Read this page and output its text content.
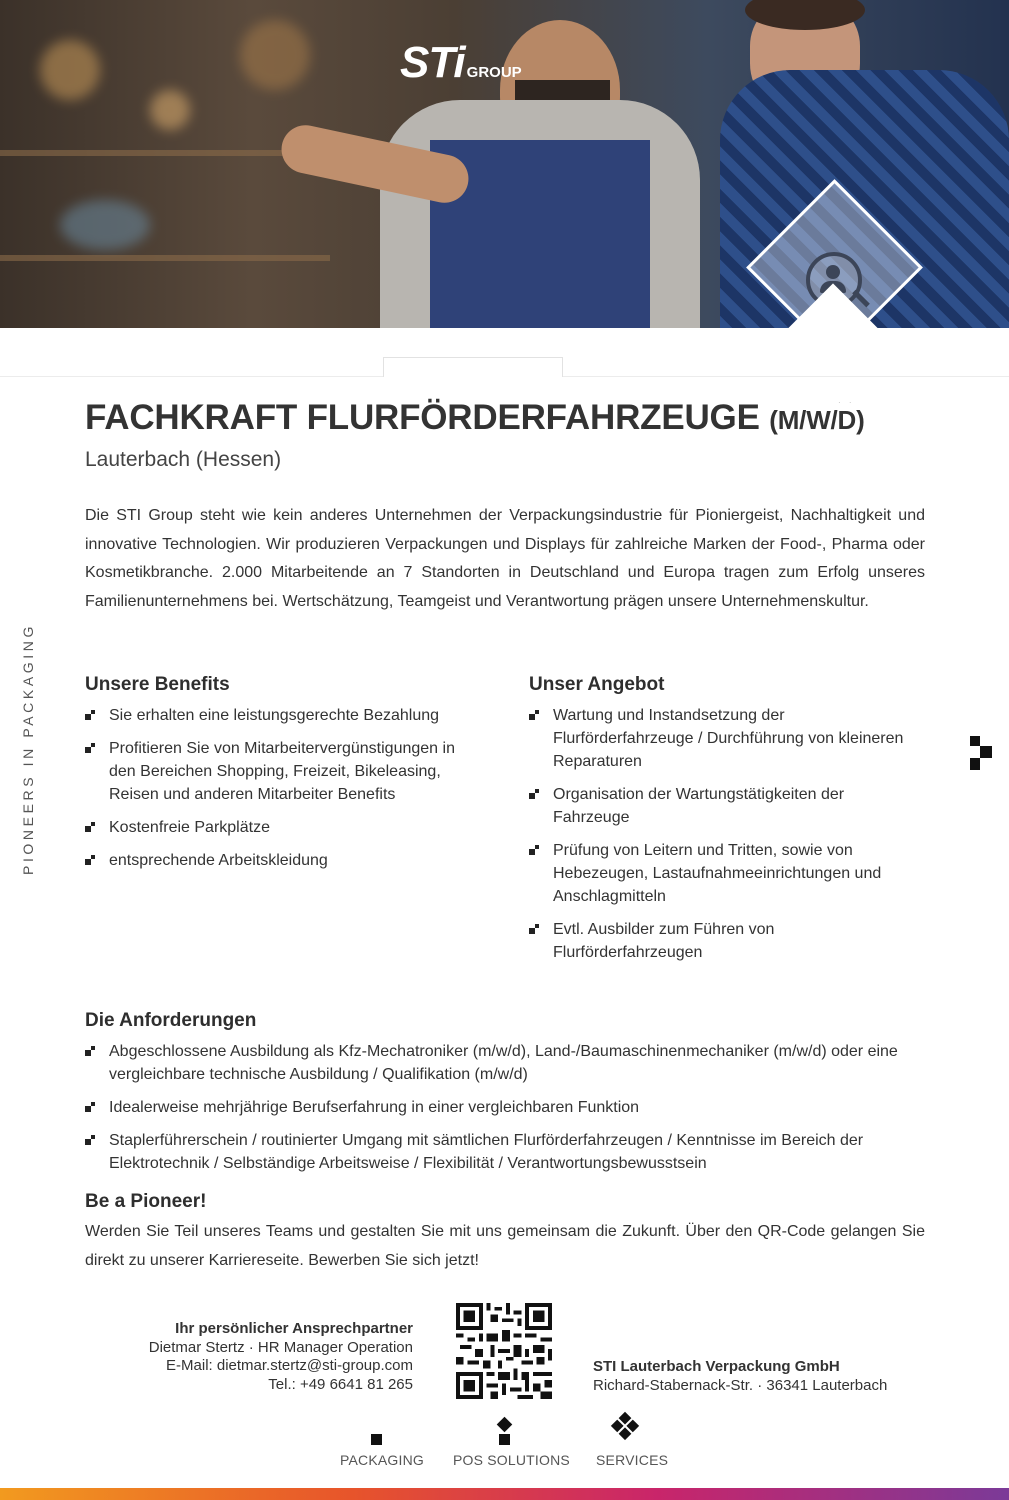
STi GROUP
· ·
PIONEERS IN PACKAGING
FACHKRAFT FLURFÖRDERFAHRZEUGE (M/W/D)
Lauterbach (Hessen)

Die STI Group steht wie kein anderes Unternehmen der Verpackungsindustrie für Pioniergeist, Nachhaltigkeit und innovative Technologien. Wir produzieren Verpackungen und Displays für zahlreiche Marken der Food-, Pharma oder Kosmetikbranche. 2.000 Mitarbeitende an 7 Standorten in Deutschland und Europa tragen zum Erfolg unseres Familienunternehmens bei. Wertschätzung, Teamgeist und Verantwortung prägen unsere Unternehmenskultur.

Unsere Benefits
Sie erhalten eine leistungsgerechte Bezahlung
Profitieren Sie von Mitarbeitervergünstigungen in den Bereichen Shopping, Freizeit, Bikeleasing, Reisen und anderen Mitarbeiter Benefits
Kostenfreie Parkplätze
entsprechende Arbeitskleidung
Unser Angebot
Wartung und Instandsetzung der Flurförderfahrzeuge / Durchführung von kleineren Reparaturen
Organisation der Wartungstätigkeiten der Fahrzeuge
Prüfung von Leitern und Tritten, sowie von Hebezeugen, Lastaufnahmeeinrichtungen und Anschlagmitteln
Evtl. Ausbilder zum Führen von Flurförderfahrzeugen
Die Anforderungen
Abgeschlossene Ausbildung als Kfz-Mechatroniker (m/w/d), Land-/Baumaschinenmechaniker (m/w/d) oder eine vergleichbare technische Ausbildung / Qualifikation (m/w/d)
Idealerweise mehrjährige Berufserfahrung in einer vergleichbaren Funktion
Staplerführerschein / routinierter Umgang mit sämtlichen Flurförderfahrzeugen / Kenntnisse im Bereich der Elektrotechnik / Selbständige Arbeitsweise / Flexibilität / Verantwortungsbewusstsein
Be a Pioneer!

Werden Sie Teil unseres Teams und gestalten Sie mit uns gemeinsam die Zukunft. Über den QR-Code gelangen Sie direkt zu unserer Karriereseite. Bewerben Sie sich jetzt!

Ihr persönlicher Ansprechpartner
Dietmar Stertz · HR Manager Operation
E-Mail: dietmar.stertz@sti-group.com
Tel.: +49 6641 81 265
STI Lauterbach Verpackung GmbH
Richard-Stabernack-Str. · 36341 Lauterbach
PACKAGING POS SOLUTIONS SERVICES
